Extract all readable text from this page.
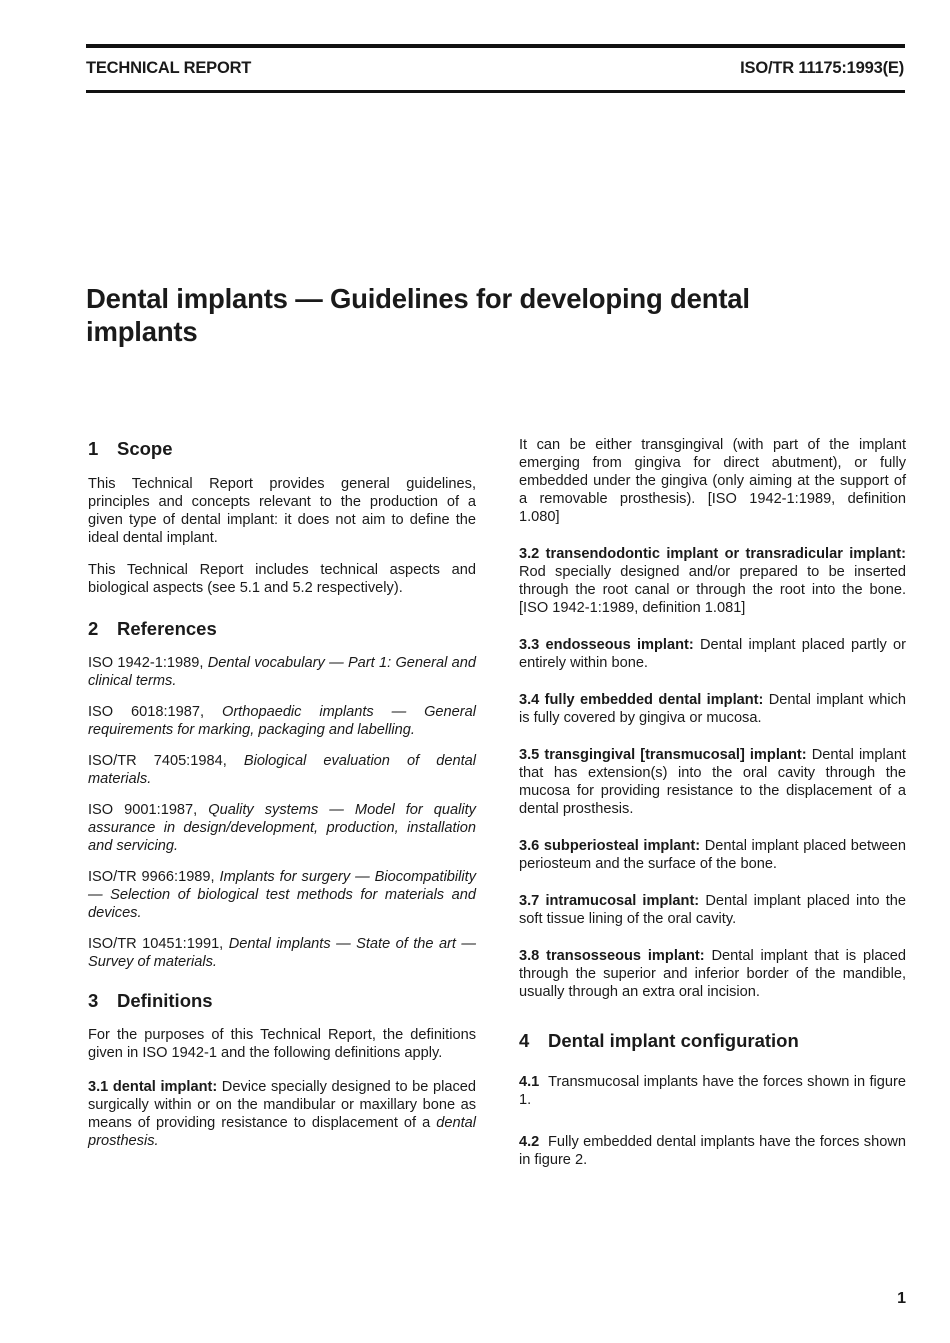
TECHNICAL REPORT	ISO/TR 11175:1993(E)
Dental implants — Guidelines for developing dental
implants
1 Scope

This Technical Report provides general guidelines, principles and concepts relevant to the production of a given type of dental implant: it does not aim to define the ideal dental implant.

This Technical Report includes technical aspects and biological aspects (see 5.1 and 5.2 respectively).

2 References

ISO 1942-1:1989, Dental vocabulary — Part 1: General and clinical terms.

ISO 6018:1987, Orthopaedic implants — General requirements for marking, packaging and labelling.

ISO/TR 7405:1984, Biological evaluation of dental materials.

ISO 9001:1987, Quality systems — Model for quality assurance in design/development, production, installation and servicing.

ISO/TR 9966:1989, Implants for surgery — Biocompatibility — Selection of biological test methods for materials and devices.

ISO/TR 10451:1991, Dental implants — State of the art — Survey of materials.

3 Definitions

For the purposes of this Technical Report, the definitions given in ISO 1942-1 and the following definitions apply.

3.1 dental implant: Device specially designed to be placed surgically within or on the mandibular or maxillary bone as means of providing resistance to displacement of a dental prosthesis.

It can be either transgingival (with part of the implant emerging from gingiva for direct abutment), or fully embedded under the gingiva (only aiming at the support of a removable prosthesis). [ISO 1942-1:1989, definition 1.080]

3.2 transendodontic implant or transradicular implant: Rod specially designed and/or prepared to be inserted through the root canal or through the root into the bone. [ISO 1942-1:1989, definition 1.081]

3.3 endosseous implant: Dental implant placed partly or entirely within bone.

3.4 fully embedded dental implant: Dental implant which is fully covered by gingiva or mucosa.

3.5 transgingival [transmucosal] implant: Dental implant that has extension(s) into the oral cavity through the mucosa for providing resistance to the displacement of a dental prosthesis.

3.6 subperiosteal implant: Dental implant placed between periosteum and the surface of the bone.

3.7 intramucosal implant: Dental implant placed into the soft tissue lining of the oral cavity.

3.8 transosseous implant: Dental implant that is placed through the superior and inferior border of the mandible, usually through an extra oral incision.

4 Dental implant configuration

4.1 Transmucosal implants have the forces shown in figure 1.

4.2 Fully embedded dental implants have the forces shown in figure 2.

1
